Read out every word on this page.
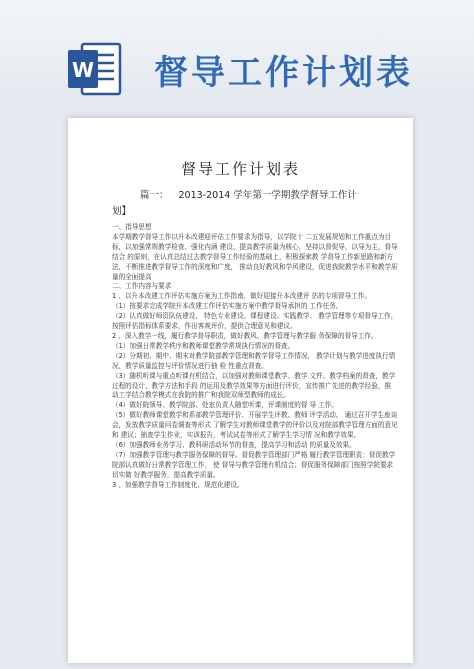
W 督导工作计划表
督导工作计划表
篇一： 2013-2014 学年第一学期教学督导工作计
划】

一、指导思想

本学期教学督导工作以升本改建迎评估工作要求为指导，以学院十 二五发展规划和工作重点为目标，以加强常规教学检查、强化内涵 建设、提高教学质量为核心，坚持以督促导，以导为主，督导结合 的原则，在认真总结过去教学督导工作经验的基础上，积极探索教 学督导工作新思路和新方法，不断推进教学督导工作的深度和广度， 推动良好教风和学风建设，促进我院教学水平和教学质量的全面提高

二、工作内容与要求

1 、以升本改建工作评估实施方案为工作指南，做好迎接升本改建评 估的专项督导工作。

（1）按要求完成学院升本改建工作评估实施方案中教学督导承担的 工作任务。

（2）认真做好师资队伍建设、 特色专业建设、课程建设、实践教学、 教学管理等专项督导工作，按照评估指标体系要求，作出客观评价，提供合理意见和建议。

2 、深入教学一线，履行教学督导职责，做好教风、教学管理与教学服 务保障的督导工作。

（1）加强日常教学秩序和教师课堂教学常规执行情况的督查。

（2）分期初、期中、期末对教学院部教学管理和教学督导工作情况、 教学计划与教学进度执行情况，教学质量监控与评价情况进行抽 检 性重点督查。

（3）随机听课与重点听课有机结合，以加强对教师课堂教学、教学 文件、教学档案的督查，教学过程的设计、教学方法和手段 的运用及教学效果等方面进行评价，宣传推广先进的教学经验，推 动工学结合教学模式在我院的推广和我院双师型教师的成长。

（4）做好院领导、教学院部、处室负责人随堂听课，评课制度的督 导 工作。

（5）做好教师课堂教学和系部教学管理评价、开展学生评教、教师 评学活动。 通过召开学生座谈会，发放教学质量问卷调查等形式 了解学生对教师课堂教学的评价以及对院部教学管理方面的意见和 建议；抽查学生作业，实训报告，考试试卷等形式了解学生学习情 况和教学效果。

（6）加强教师业务学习、教科研活动环节的督查，提高学习和活动 的质量及效果。

（7）加强教学管理与教学服务保障的督导。督促教学管理部门严格 履行教学管理职责：督促教学院部认真做好日常教学管理工作， 使 督导与教学管理有机结合；督促服务保障部门按照学院要求切实做 好教学服务，提高教学质量。

3 、加强教学督导工作制度化、规范化建设。
